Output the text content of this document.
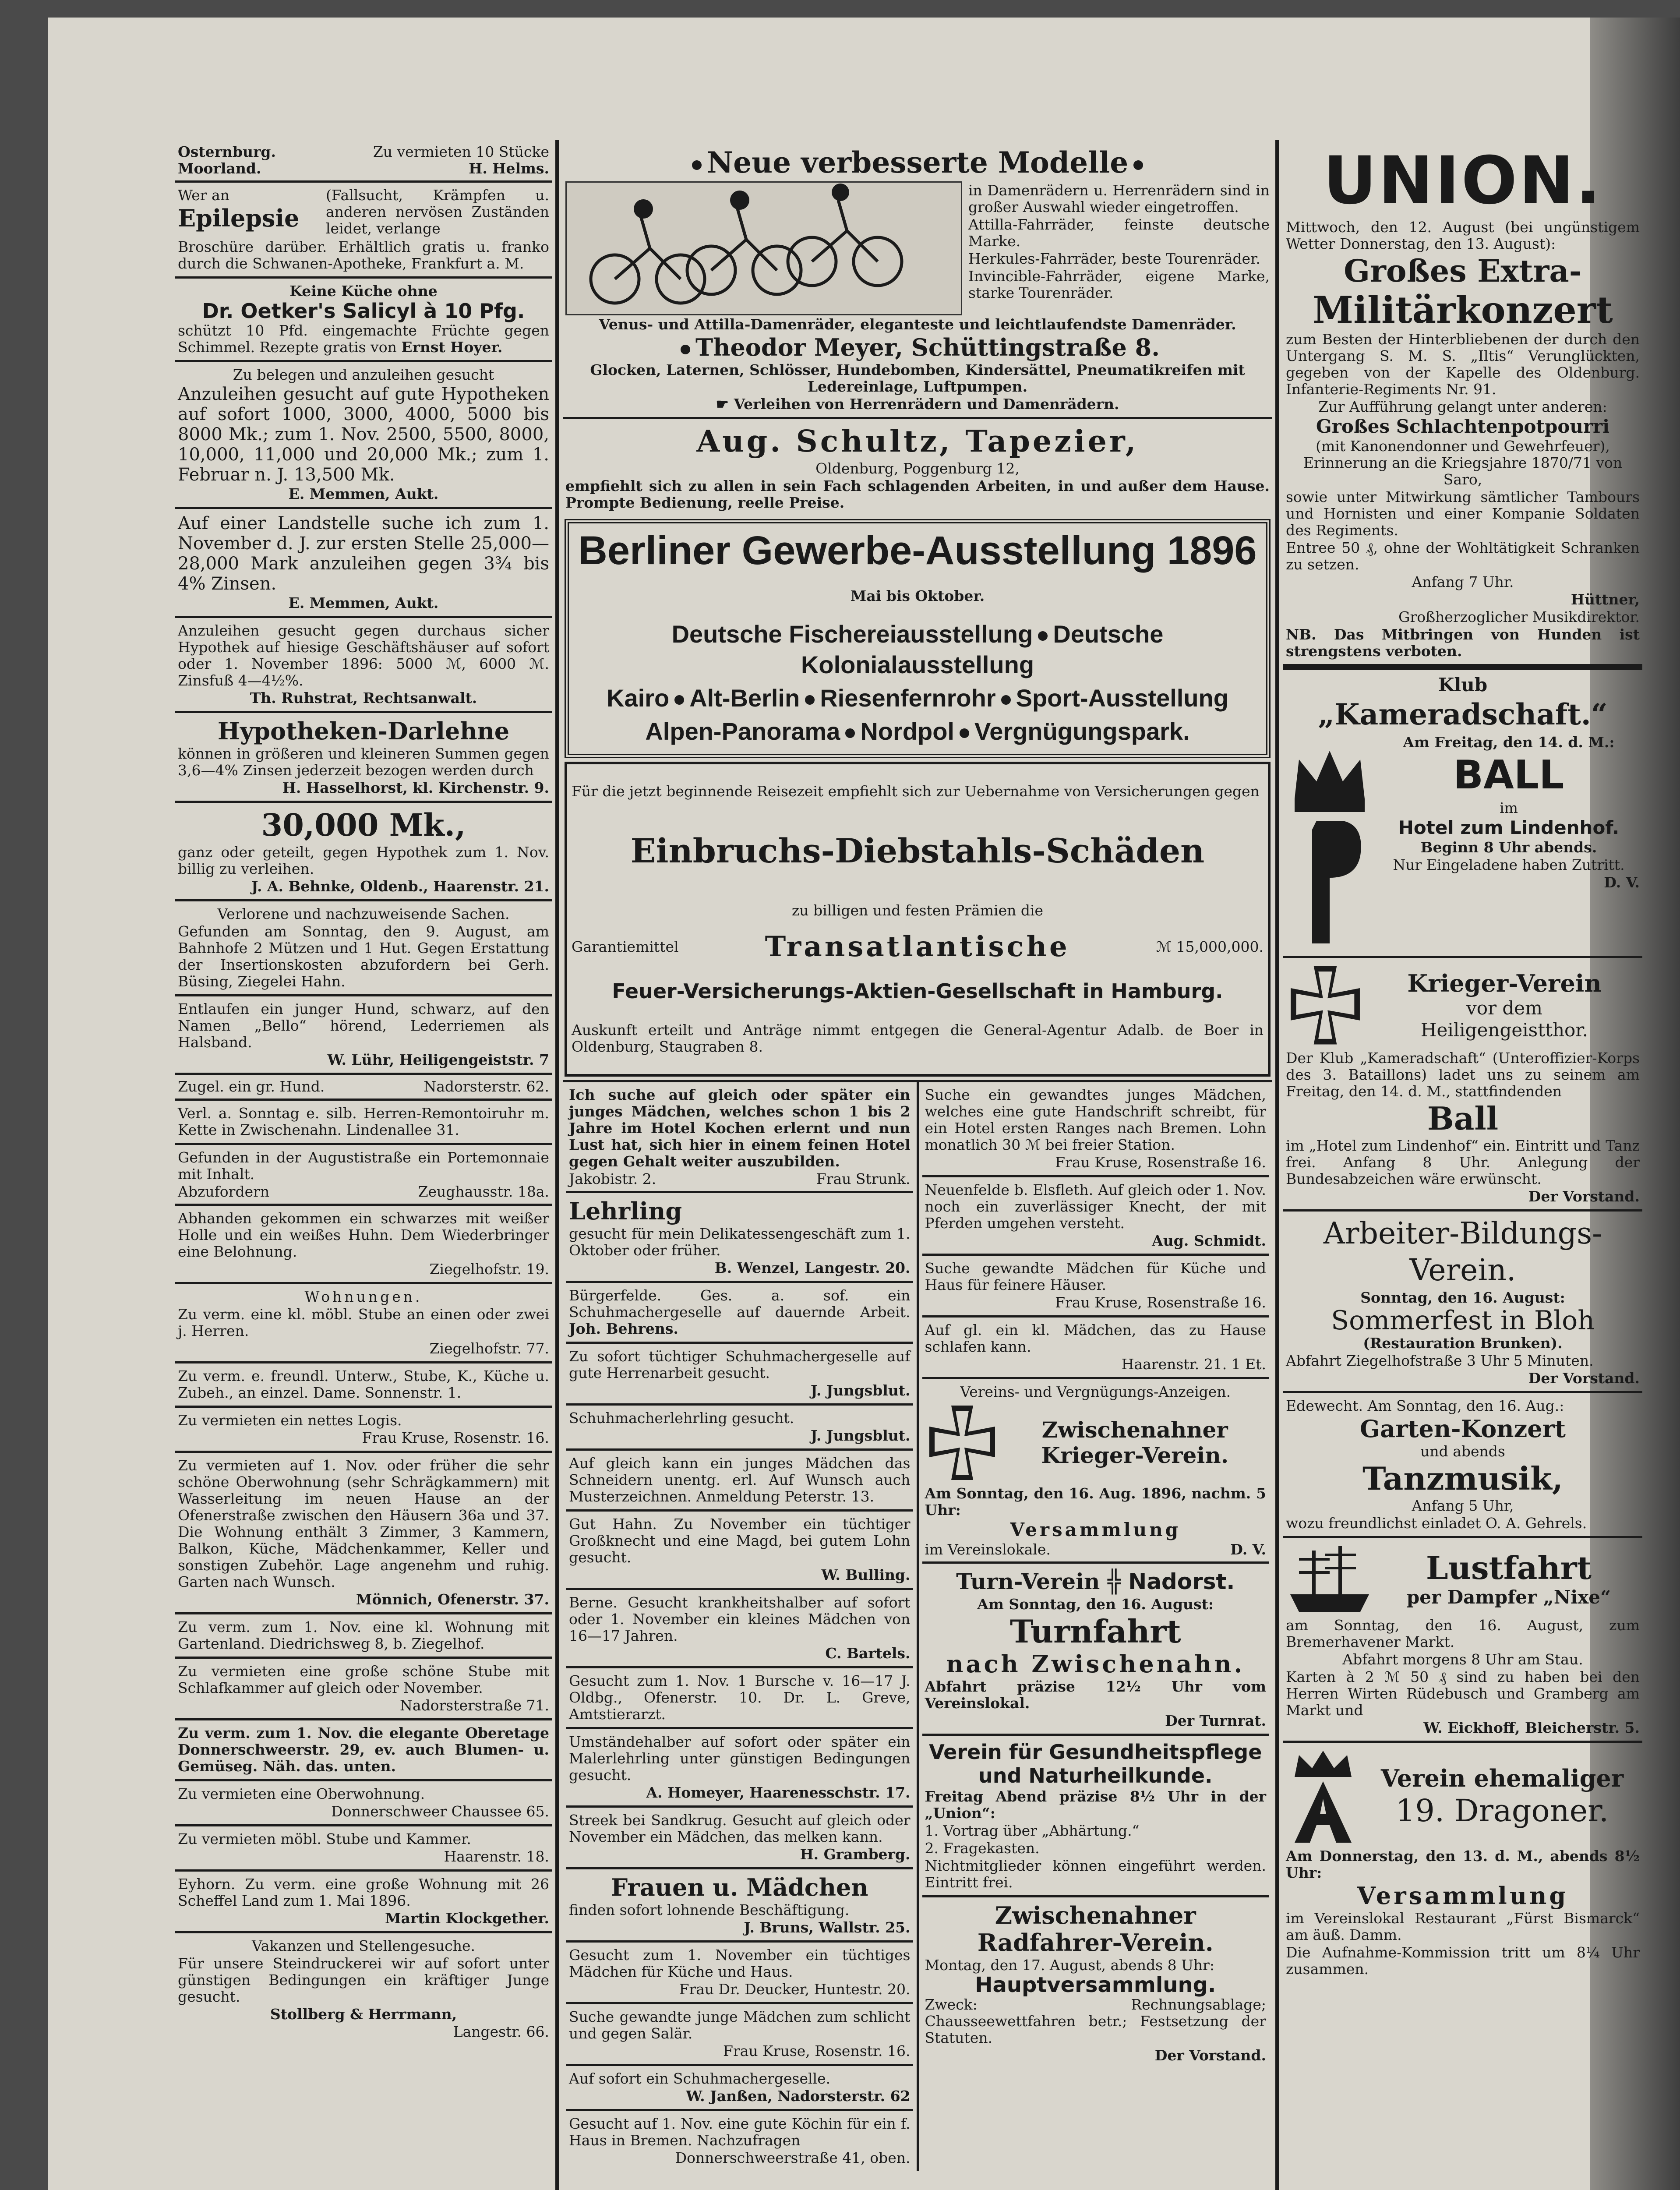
Osternburg.	Zu vermieten 10 Stücke
Moorland.	H. Helms.

Wer an

Epilepsie

(Fallsucht, Krämpfen u. anderen nervösen Zuständen leidet, verlange

Broschüre darüber. Erhältlich gratis u. franko durch die Schwanen-Apotheke, Frankfurt a. M.

Keine Küche ohne

Dr. Oetker's Salicyl à 10 Pfg.

schützt 10 Pfd. eingemachte Früchte gegen Schimmel. Rezepte gratis von Ernst Hoyer.

Zu belegen und anzuleihen gesucht

Anzuleihen gesucht auf gute Hypotheken auf sofort 1000, 3000, 4000, 5000 bis 8000 Mk.; zum 1. Nov. 2500, 5500, 8000, 10,000, 11,000 und 20,000 Mk.; zum 1. Februar n. J. 13,500 Mk.

E. Memmen, Aukt.

Auf einer Landstelle suche ich zum 1. November d. J. zur ersten Stelle 25,000—28,000 Mark anzuleihen gegen 3¾ bis 4% Zinsen.

E. Memmen, Aukt.

Anzuleihen gesucht gegen durchaus sicher Hypothek auf hiesige Geschäftshäuser auf sofort oder 1. November 1896: 5000 ℳ, 6000 ℳ. Zinsfuß 4—4½%.

Th. Ruhstrat, Rechtsanwalt.

Hypotheken-Darlehne

können in größeren und kleineren Summen gegen 3,6—4% Zinsen jederzeit bezogen werden durch

H. Hasselhorst, kl. Kirchenstr. 9.

30,000 Mk.,

ganz oder geteilt, gegen Hypothek zum 1. Nov. billig zu verleihen.

J. A. Behnke, Oldenb., Haarenstr. 21.

Verlorene und nachzuweisende Sachen.

Gefunden am Sonntag, den 9. August, am Bahnhofe 2 Mützen und 1 Hut. Gegen Erstattung der Insertionskosten abzufordern bei Gerh. Büsing, Ziegelei Hahn.

Entlaufen ein junger Hund, schwarz, auf den Namen „Bello“ hörend, Lederriemen als Halsband.

W. Lühr, Heiligengeiststr. 7

Zugel. ein gr. Hund.	Nadorsterstr. 62.

Verl. a. Sonntag e. silb. Herren-Remontoiruhr m. Kette in Zwischenahn. Lindenallee 31.

Gefunden in der Augustistraße ein Portemonnaie mit Inhalt.

Abzufordern	Zeughausstr. 18a.

Abhanden gekommen ein schwarzes mit weißer Holle und ein weißes Huhn. Dem Wiederbringer eine Belohnung.

Ziegelhofstr. 19.

Wohnungen.

Zu verm. eine kl. möbl. Stube an einen oder zwei j. Herren.

Ziegelhofstr. 77.

Zu verm. e. freundl. Unterw., Stube, K., Küche u. Zubeh., an einzel. Dame. Sonnenstr. 1.

Zu vermieten ein nettes Logis.

Frau Kruse, Rosenstr. 16.

Zu vermieten auf 1. Nov. oder früher die sehr schöne Oberwohnung (sehr Schrägkammern) mit Wasserleitung im neuen Hause an der Ofenerstraße zwischen den Häusern 36a und 37. Die Wohnung enthält 3 Zimmer, 3 Kammern, Balkon, Küche, Mädchenkammer, Keller und sonstigen Zubehör. Lage angenehm und ruhig. Garten nach Wunsch.

Mönnich, Ofenerstr. 37.

Zu verm. zum 1. Nov. eine kl. Wohnung mit Gartenland. Diedrichsweg 8, b. Ziegelhof.

Zu vermieten eine große schöne Stube mit Schlafkammer auf gleich oder November.

Nadorsterstraße 71.

Zu verm. zum 1. Nov. die elegante Oberetage Donnerschweerstr. 29, ev. auch Blumen- u. Gemüseg. Näh. das. unten.

Zu vermieten eine Oberwohnung.

Donnerschweer Chaussee 65.

Zu vermieten möbl. Stube und Kammer.

Haarenstr. 18.

Eyhorn. Zu verm. eine große Wohnung mit 26 Scheffel Land zum 1. Mai 1896.

Martin Klockgether.

Vakanzen und Stellengesuche.

Für unsere Steindruckerei wir auf sofort unter günstigen Bedingungen ein kräftiger Junge gesucht.

Stollberg & Herrmann,

Langestr. 66.

Neue verbesserte Modelle

in Damenrädern u. Herrenrädern sind in großer Auswahl wieder eingetroffen.

Attilla-Fahrräder, feinste deutsche Marke.

Herkules-Fahrräder, beste Tourenräder.

Invincible-Fahrräder, eigene Marke, starke Tourenräder.

Venus- und Attilla-Damenräder, eleganteste und leichtlaufendste Damenräder.

Theodor Meyer, Schüttingstraße 8.

Glocken, Laternen, Schlösser, Hundebomben, Kindersättel, Pneumatikreifen mit Ledereinlage, Luftpumpen.

☛ Verleihen von Herrenrädern und Damenrädern.

Aug. Schultz, Tapezier,

Oldenburg, Poggenburg 12,

empfiehlt sich zu allen in sein Fach schlagenden Arbeiten, in und außer dem Hause. Prompte Bedienung, reelle Preise.

Berliner Gewerbe-Ausstellung 1896

Mai bis Oktober.

Deutsche Fischereiausstellung Deutsche Kolonialausstellung

Kairo Alt-Berlin Riesenfernrohr Sport-Ausstellung

Alpen-Panorama Nordpol Vergnügungspark.

Für die jetzt beginnende Reisezeit empfiehlt sich zur Uebernahme von Versicherungen gegen

Einbruchs-Diebstahls-Schäden

zu billigen und festen Prämien die

Garantiemittel	Transatlantische	ℳ 15,000,000.

Feuer-Versicherungs-Aktien-Gesellschaft in Hamburg.

Auskunft erteilt und Anträge nimmt entgegen die General-Agentur Adalb. de Boer in Oldenburg, Staugraben 8.

Ich suche auf gleich oder später ein junges Mädchen, welches schon 1 bis 2 Jahre im Hotel Kochen erlernt und nun Lust hat, sich hier in einem feinen Hotel gegen Gehalt weiter auszubilden.

Jakobistr. 2.	Frau Strunk.

Lehrling

gesucht für mein Delikatessengeschäft zum 1. Oktober oder früher.

B. Wenzel, Langestr. 20.

Bürgerfelde. Ges. a. sof. ein Schuhmachergeselle auf dauernde Arbeit. Joh. Behrens.

Zu sofort tüchtiger Schuhmachergeselle auf gute Herrenarbeit gesucht.

J. Jungsblut.

Schuhmacherlehrling gesucht.

J. Jungsblut.

Auf gleich kann ein junges Mädchen das Schneidern unentg. erl. Auf Wunsch auch Musterzeichnen. Anmeldung Peterstr. 13.

Gut Hahn. Zu November ein tüchtiger Großknecht und eine Magd, bei gutem Lohn gesucht.

W. Bulling.

Berne. Gesucht krankheitshalber auf sofort oder 1. November ein kleines Mädchen von 16—17 Jahren.

C. Bartels.

Gesucht zum 1. Nov. 1 Bursche v. 16—17 J. Oldbg., Ofenerstr. 10. Dr. L. Greve, Amtstierarzt.

Umständehalber auf sofort oder später ein Malerlehrling unter günstigen Bedingungen gesucht.

A. Homeyer, Haarenesschstr. 17.

Streek bei Sandkrug. Gesucht auf gleich oder November ein Mädchen, das melken kann.

H. Gramberg.

Frauen u. Mädchen

finden sofort lohnende Beschäftigung.

J. Bruns, Wallstr. 25.

Gesucht zum 1. November ein tüchtiges Mädchen für Küche und Haus.

Frau Dr. Deucker, Huntestr. 20.

Suche gewandte junge Mädchen zum schlicht und gegen Salär.

Frau Kruse, Rosenstr. 16.

Auf sofort ein Schuhmachergeselle.

W. Janßen, Nadorsterstr. 62

Gesucht auf 1. Nov. eine gute Köchin für ein f. Haus in Bremen. Nachzufragen

Donnerschweerstraße 41, oben.

Suche ein gewandtes junges Mädchen, welches eine gute Handschrift schreibt, für ein Hotel ersten Ranges nach Bremen. Lohn monatlich 30 ℳ bei freier Station.

Frau Kruse, Rosenstraße 16.

Neuenfelde b. Elsfleth. Auf gleich oder 1. Nov. noch ein zuverlässiger Knecht, der mit Pferden umgehen versteht.

Aug. Schmidt.

Suche gewandte Mädchen für Küche und Haus für feinere Häuser.

Frau Kruse, Rosenstraße 16.

Auf gl. ein kl. Mädchen, das zu Hause schlafen kann.

Haarenstr. 21. 1 Et.

Vereins- und Vergnügungs-Anzeigen.

Zwischenahner Krieger-Verein.

Am Sonntag, den 16. Aug. 1896, nachm. 5 Uhr:

Versammlung

im Vereinslokale.	D. V.

Turn-Verein ╬ Nadorst.

Am Sonntag, den 16. August:

Turnfahrt

nach Zwischenahn.

Abfahrt präzise 12½ Uhr vom Vereinslokal.

Der Turnrat.

Verein für Gesundheitspflege und Naturheilkunde.

Freitag Abend präzise 8½ Uhr in der „Union“:

1. Vortrag über „Abhärtung.“

2. Fragekasten.

Nichtmitglieder können eingeführt werden. Eintritt frei.

Zwischenahner Radfahrer-Verein.

Montag, den 17. August, abends 8 Uhr:

Hauptversammlung.

Zweck: Rechnungsablage; Chausseewettfahren betr.; Festsetzung der Statuten.

Der Vorstand.

UNION.

Mittwoch, den 12. August (bei ungünstigem Wetter Donnerstag, den 13. August):

Großes Extra-

Militärkonzert

zum Besten der Hinterbliebenen der durch den Untergang S. M. S. „Iltis“ Verunglückten, gegeben von der Kapelle des Oldenburg. Infanterie-Regiments Nr. 91.

Zur Aufführung gelangt unter anderen:

Großes Schlachtenpotpourri

(mit Kanonendonner und Gewehrfeuer), Erinnerung an die Kriegsjahre 1870/71 von Saro,

sowie unter Mitwirkung sämtlicher Tambours und Hornisten und einer Kompanie Soldaten des Regiments.

Entree 50 ₰, ohne der Wohltätigkeit Schranken zu setzen.

Anfang 7 Uhr.

Hüttner,

Großherzoglicher Musikdirektor.

NB. Das Mitbringen von Hunden ist strengstens verboten.

Klub

„Kameradschaft.“

Am Freitag, den 14. d. M.:

BALL

im

Hotel zum Lindenhof.

Beginn 8 Uhr abends.

Nur Eingeladene haben Zutritt.

D. V.

Krieger-Verein

vor dem

Heiligengeistthor.

Der Klub „Kameradschaft“ (Unteroffizier-Korps des 3. Bataillons) ladet uns zu seinem am Freitag, den 14. d. M., stattfindenden

Ball

im „Hotel zum Lindenhof“ ein. Eintritt und Tanz frei. Anfang 8 Uhr. Anlegung der Bundesabzeichen wäre erwünscht.

Der Vorstand.

Arbeiter-Bildungs-

Verein.

Sonntag, den 16. August:

Sommerfest in Bloh

(Restauration Brunken).

Abfahrt Ziegelhofstraße 3 Uhr 5 Minuten.

Der Vorstand.

Edewecht. Am Sonntag, den 16. Aug.:

Garten-Konzert

und abends

Tanzmusik,

Anfang 5 Uhr,

wozu freundlichst einladet O. A. Gehrels.

Lustfahrt

per Dampfer „Nixe“

am Sonntag, den 16. August, zum Bremerhavener Markt.

Abfahrt morgens 8 Uhr am Stau.

Karten à 2 ℳ 50 ₰ sind zu haben bei den Herren Wirten Rüdebusch und Gramberg am Markt und

W. Eickhoff, Bleicherstr. 5.

Verein ehemaliger

19. Dragoner.

Am Donnerstag, den 13. d. M., abends 8½ Uhr:

Versammlung

im Vereinslokal Restaurant „Fürst Bismarck“ am äuß. Damm.

Die Aufnahme-Kommission tritt um 8¼ Uhr zusammen.
